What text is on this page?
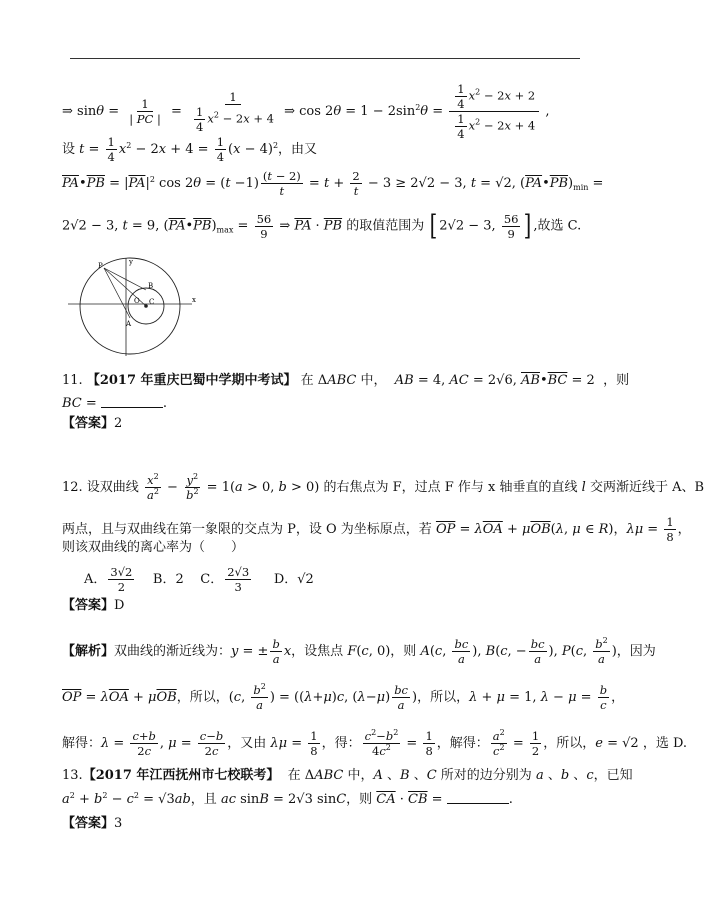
⇒ $\sin\theta = \frac{1}{| PC |} = \frac{1}{\frac{1}{4} x^2 - 2x + 4}$ ⇒ $\cos 2\theta = 1 - 2\sin^2\theta = \frac{\frac{1}{4} x^2 - 2x + 2}{\frac{1}{4} x^2 - 2x + 4}$ ,
设 $t = \frac{1}{4} x^2 - 2x + 4 = \frac{1}{4} (x - 4)^2$，由又
$\overline{PA}•\overline{PB} = |\overline{PA}|^2$ $\cos 2\theta = (t -1) \frac{(t - 2)}{t} = t + \frac{2}{t} - 3 \ge 2√2 - 3$, t = √2, $(\overline{PA}•\overline{PB})_{min}$ =
2√2 − 3, t = 9, $(\overline{PA}•\overline{PB})_{max} = \frac{56}{9}$ ⇒ $\overline{PA} \cdot \overline{PB}$ 的取值范围为 [ 2√2 − 3, $\frac{56}{9}$ ] ,故选 C.
y
x
P
B
O C
A
11. 【2017 年重庆巴蜀中学期中考试】 在 ΔABC 中，  AB = 4, AC = 2√6, $\overline{AB}•\overline{BC} = 2$  ，则
BC =	.
【答案】2
12. 设双曲线 $\frac{x^2}{a^2} - \frac{y^2}{b^2} = 1(a > 0$, b > 0) 的右焦点为 F，过点 F 作与 x 轴垂直的直线 l 交两渐近线于 A、B
两点，且与双曲线在第一象限的交点为 P，设 O 为坐标原点，若 $\overline{OP} = \lambda\overline{OA} + \mu\overline{OB}(\lambda$, μ ∈ R)，$\lambda\mu = \frac{1}{8}$ ，
则该双曲线的离心率为（　　）
A． $\frac{3√2}{2}$ B．2    C． $\frac{2√3}{3}$ D．√2
【答案】D
【解析】双曲线的渐近线为：y = ± $\frac{b}{a}$ x，设焦点 F(c, 0)，则 A(c, $\frac{bc}{a}$ ), B(c, − $\frac{bc}{a}$ ), P(c, $\frac{b^2}{a}$ )，因为
$\overline{OP} = \lambda\overline{OA} + \mu\overline{OB}$，所以，(c, $\frac{b^2}{a}$ ) = ((λ+μ)c, $(\lambda-\mu) \frac{bc}{a}$ )，所以，λ + μ = 1, $\lambda - \mu = \frac{b}{c}$ ，
解得：$\lambda = \frac{c+b}{2c}$ , $\mu = \frac{c-b}{2c}$ ，又由 $\lambda\mu = \frac{1}{8}$ ，得： $\frac{c^2-b^2}{4c^2} = \frac{1}{8}$ ，解得： $\frac{a^2}{c^2} = \frac{1}{2}$ ，所以，e = √2 ，选 D.
13.【2017 年江西抚州市七校联考】  在 ΔABC 中，A 、B 、C 所对的边分别为 a 、b 、c，已知
$a^2 + b^2 - c^2 = √3ab$，且 ac sinB = 2√3 sinC，则 $\overline{CA} \cdot \overline{CB}$ =	.
【答案】3
